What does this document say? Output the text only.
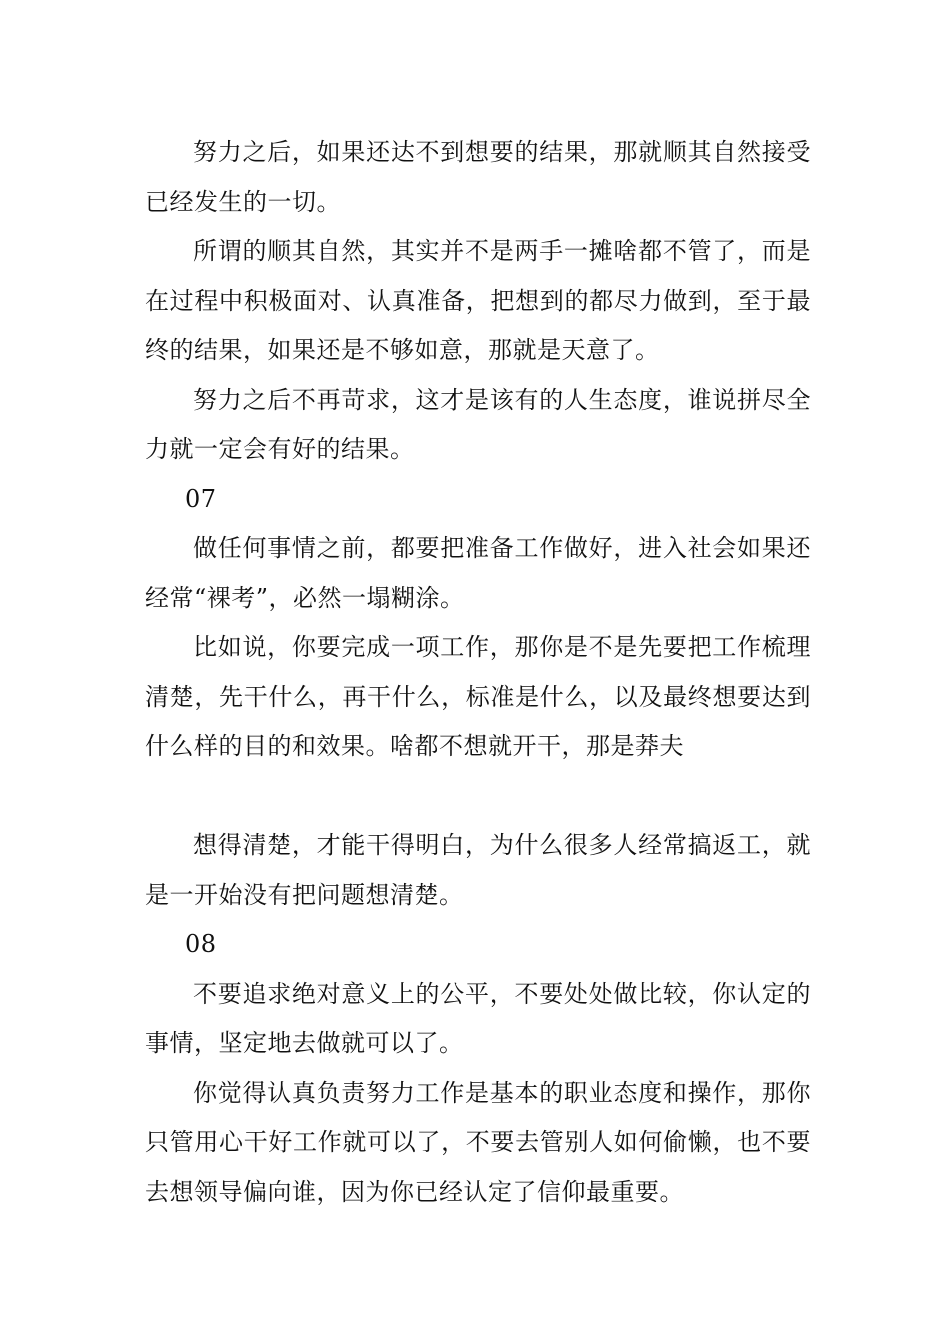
努力之后，如果还达不到想要的结果，那就顺其自然接受已经发生的一切。

所谓的顺其自然，其实并不是两手一摊啥都不管了，而是在过程中积极面对、认真准备，把想到的都尽力做到，至于最终的结果，如果还是不够如意，那就是天意了。

努力之后不再苛求，这才是该有的人生态度，谁说拼尽全力就一定会有好的结果。

07

做任何事情之前，都要把准备工作做好，进入社会如果还经常“裸考”，必然一塌糊涂。

比如说，你要完成一项工作，那你是不是先要把工作梳理清楚，先干什么，再干什么，标准是什么，以及最终想要达到什么样的目的和效果。啥都不想就开干，那是莽夫

想得清楚，才能干得明白，为什么很多人经常搞返工，就是一开始没有把问题想清楚。

08

不要追求绝对意义上的公平，不要处处做比较，你认定的事情，坚定地去做就可以了。

你觉得认真负责努力工作是基本的职业态度和操作，那你只管用心干好工作就可以了，不要去管别人如何偷懒，也不要去想领导偏向谁，因为你已经认定了信仰最重要。
